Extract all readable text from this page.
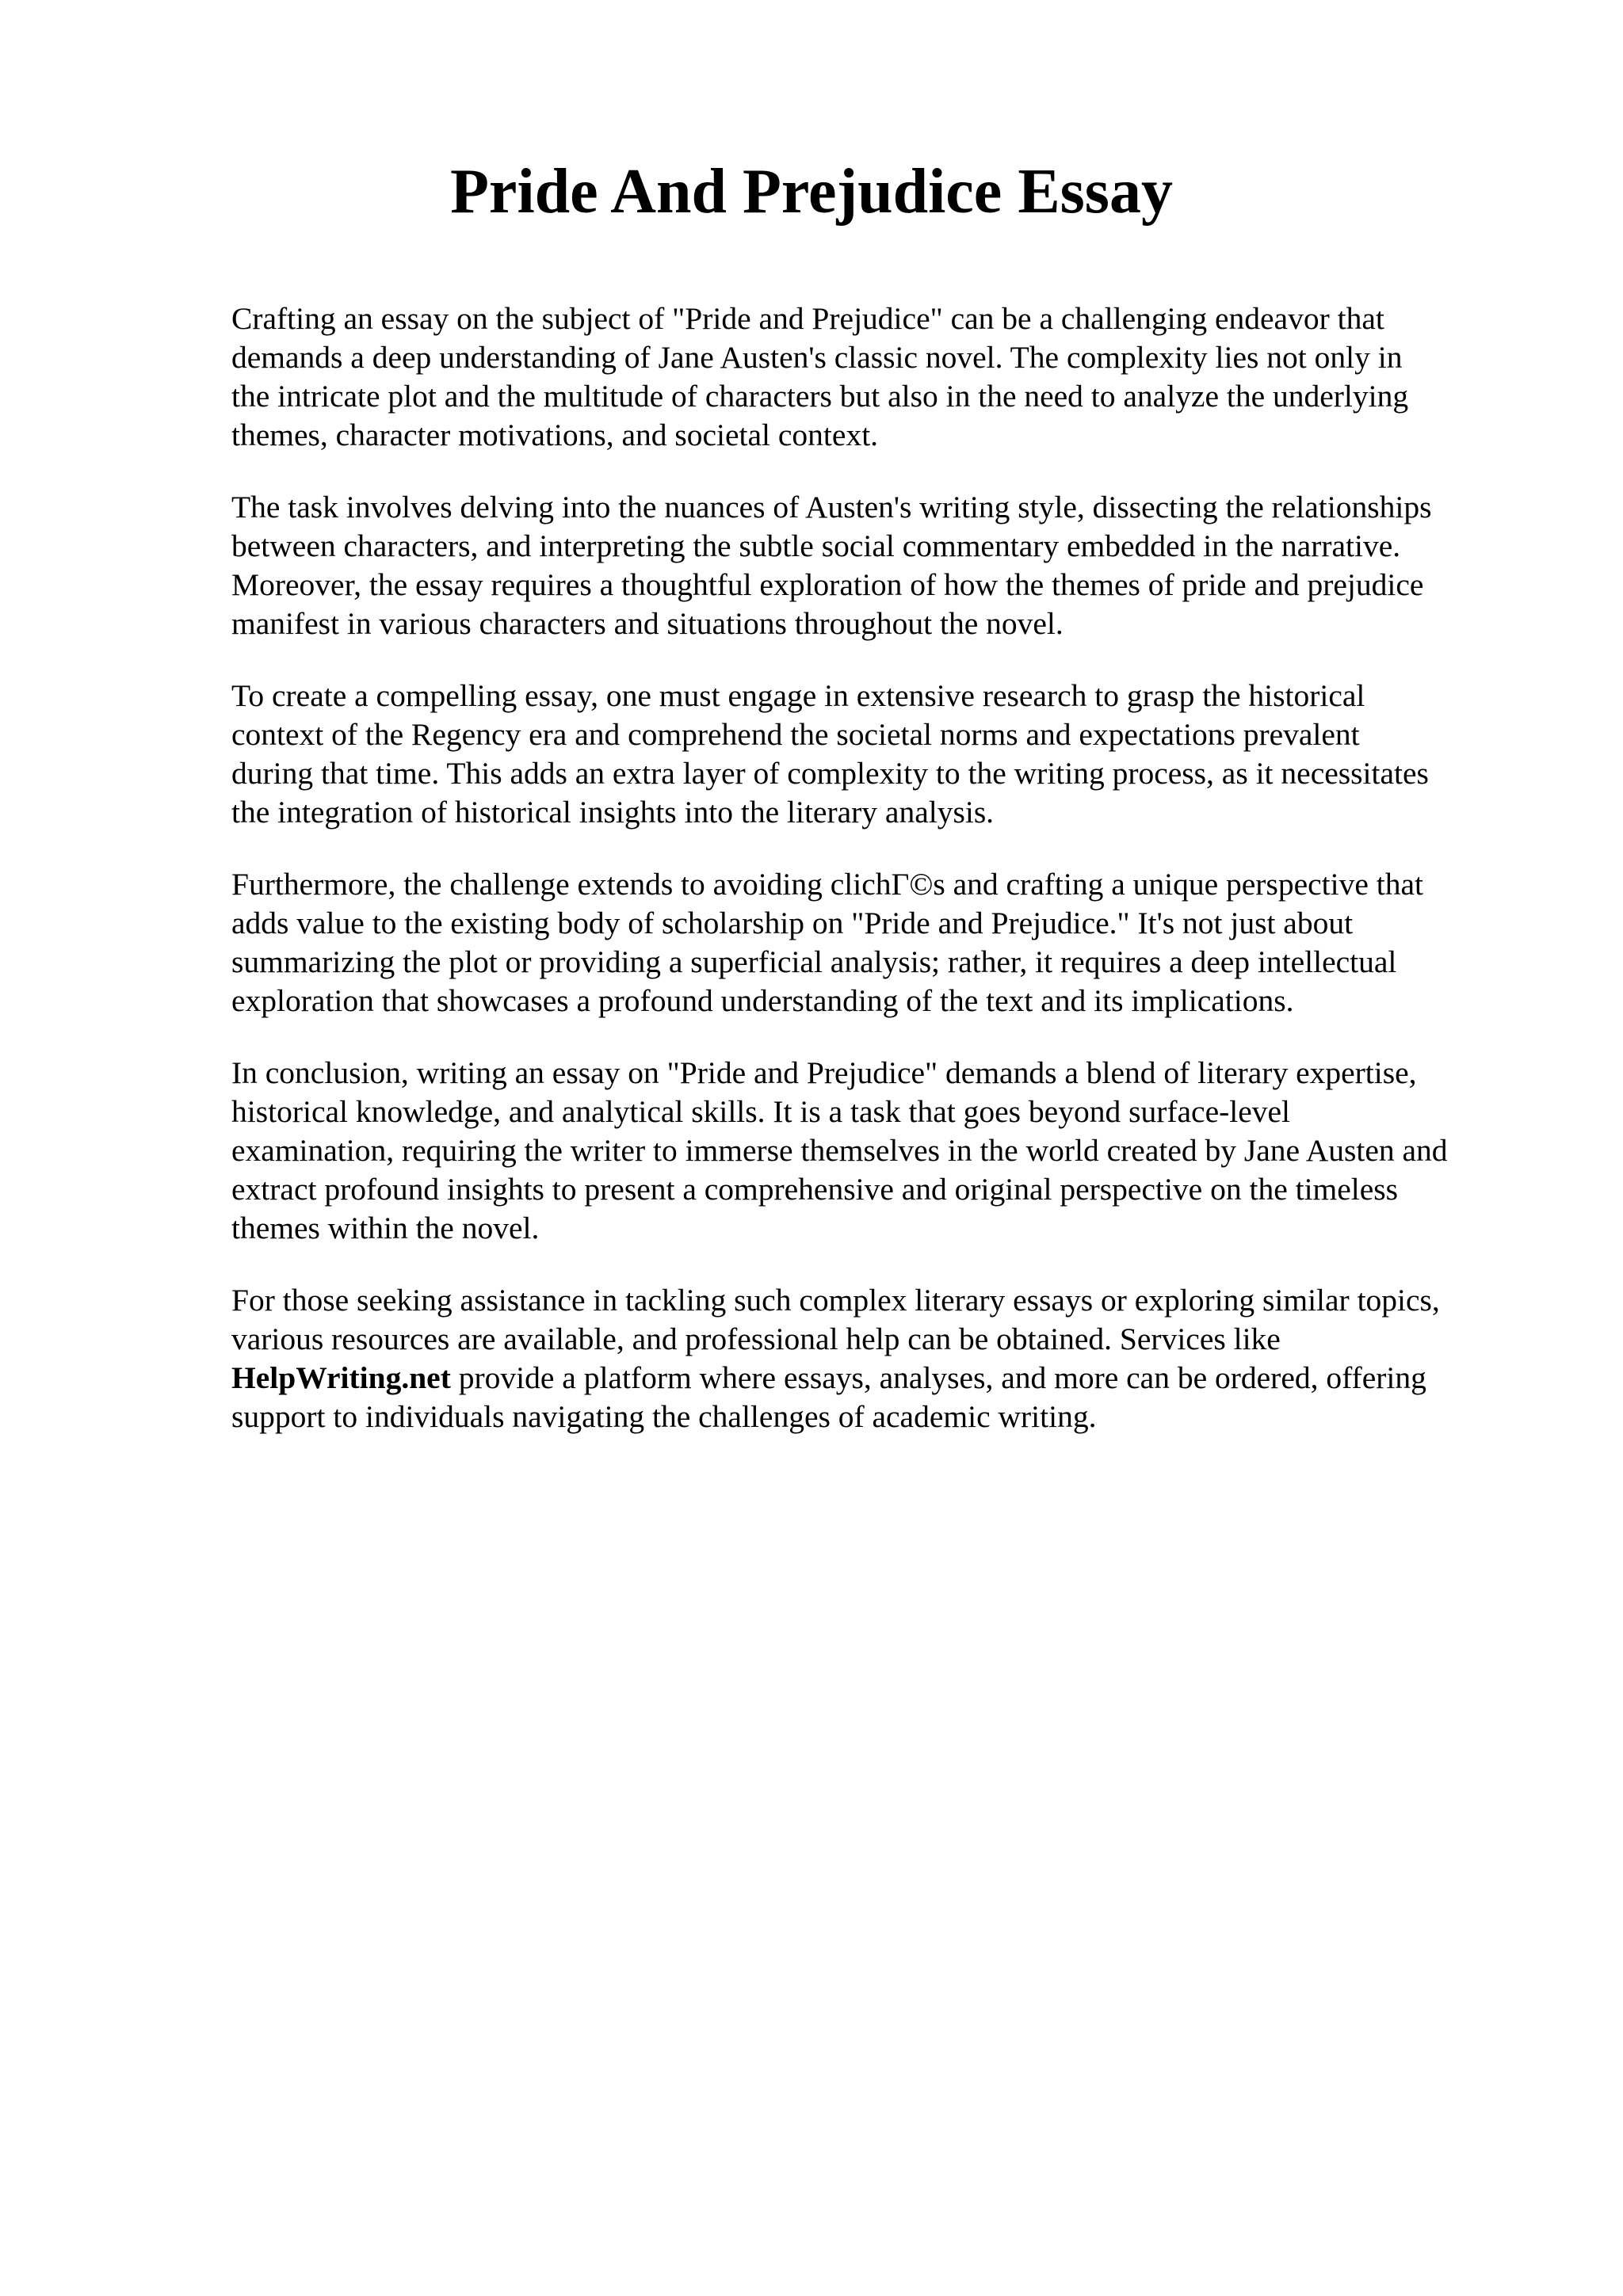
Pride And Prejudice Essay

Crafting an essay on the subject of "Pride and Prejudice" can be a challenging endeavor that
demands a deep understanding of Jane Austen's classic novel. The complexity lies not only in
the intricate plot and the multitude of characters but also in the need to analyze the underlying
themes, character motivations, and societal context.

The task involves delving into the nuances of Austen's writing style, dissecting the relationships
between characters, and interpreting the subtle social commentary embedded in the narrative.
Moreover, the essay requires a thoughtful exploration of how the themes of pride and prejudice
manifest in various characters and situations throughout the novel.

To create a compelling essay, one must engage in extensive research to grasp the historical
context of the Regency era and comprehend the societal norms and expectations prevalent
during that time. This adds an extra layer of complexity to the writing process, as it necessitates
the integration of historical insights into the literary analysis.

Furthermore, the challenge extends to avoiding clichΓ©s and crafting a unique perspective that
adds value to the existing body of scholarship on "Pride and Prejudice." It's not just about
summarizing the plot or providing a superficial analysis; rather, it requires a deep intellectual
exploration that showcases a profound understanding of the text and its implications.

In conclusion, writing an essay on "Pride and Prejudice" demands a blend of literary expertise,
historical knowledge, and analytical skills. It is a task that goes beyond surface-level
examination, requiring the writer to immerse themselves in the world created by Jane Austen and
extract profound insights to present a comprehensive and original perspective on the timeless
themes within the novel.

For those seeking assistance in tackling such complex literary essays or exploring similar topics,
various resources are available, and professional help can be obtained. Services like
HelpWriting.net provide a platform where essays, analyses, and more can be ordered, offering
support to individuals navigating the challenges of academic writing.
